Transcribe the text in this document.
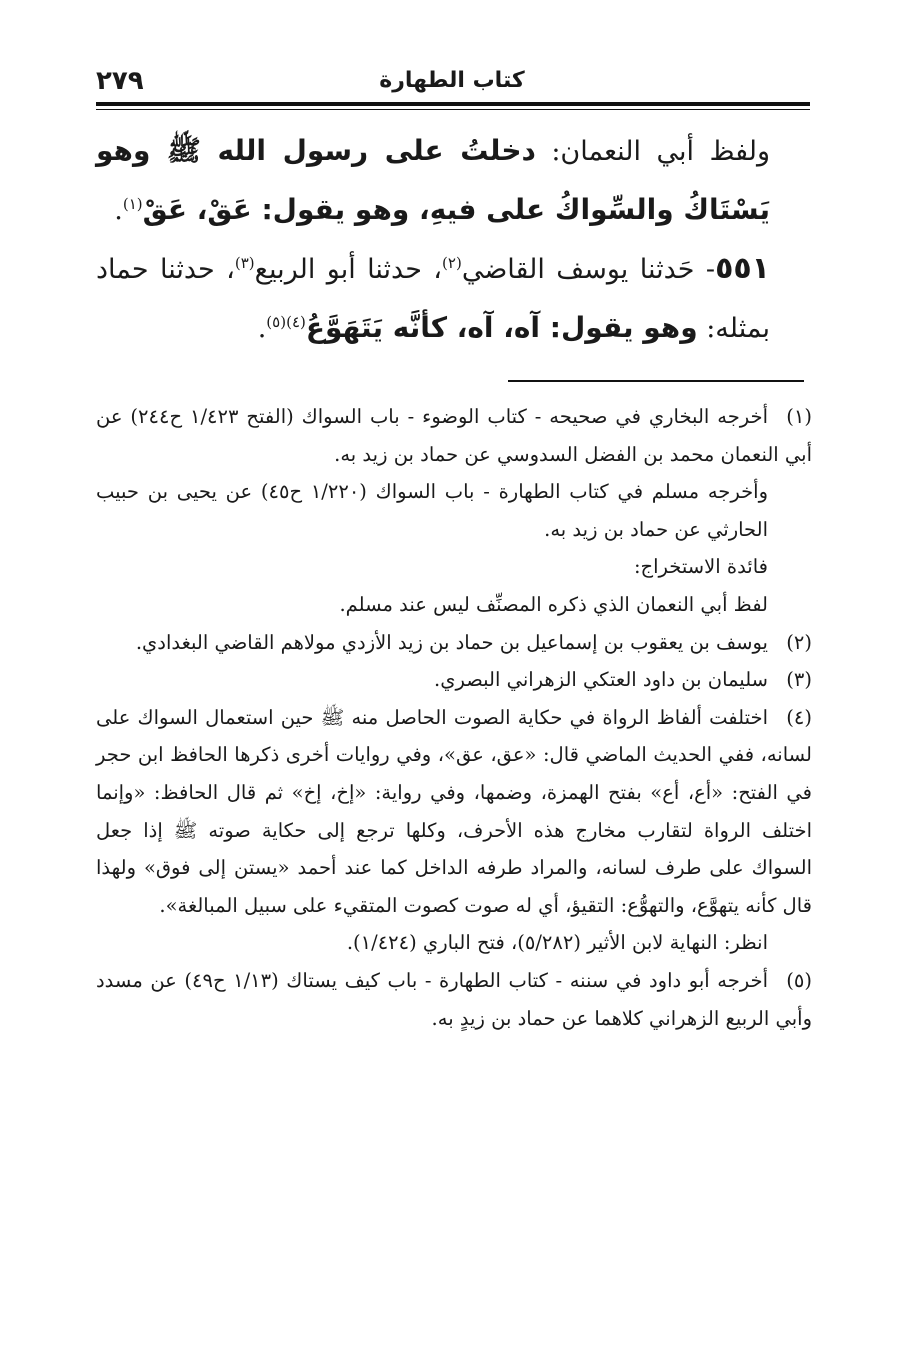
٢٧٩	كتاب الطهارة

ولفظ أبي النعمان: دخلتُ على رسول الله ﷺ وهو يَسْتَاكُ والسِّواكُ على فيهِ، وهو يقول: عَقْ، عَقْ$^{(١)}$.

٥٥١- حَدثنا يوسف القاضي$^{(٢)}$، حدثنا أبو الربيع$^{(٣)}$، حدثنا حماد بمثله: وهو يقول: آه، آه، كأنَّه يَتَهَوَّعُ$^{(٤)(٥)}$.

(١)أخرجه البخاري في صحيحه - كتاب الوضوء - باب السواك (الفتح ١/٤٢٣ ح٢٤٤) عن أبي النعمان محمد بن الفضل السدوسي عن حماد بن زيد به.
وأخرجه مسلم في كتاب الطهارة - باب السواك (١/٢٢٠ ح٤٥) عن يحيى بن حبيب الحارثي عن حماد بن زيد به.
فائدة الاستخراج:
لفظ أبي النعمان الذي ذكره المصنِّف ليس عند مسلم.
(٢)يوسف بن يعقوب بن إسماعيل بن حماد بن زيد الأزدي مولاهم القاضي البغدادي.
(٣)سليمان بن داود العتكي الزهراني البصري.
(٤)اختلفت ألفاظ الرواة في حكاية الصوت الحاصل منه ﷺ حين استعمال السواك على لسانه، ففي الحديث الماضي قال: «عق، عق»، وفي روايات أخرى ذكرها الحافظ ابن حجر في الفتح: «أع، أع» بفتح الهمزة، وضمها، وفي رواية: «إخ، إخ» ثم قال الحافظ: «وإنما اختلف الرواة لتقارب مخارج هذه الأحرف، وكلها ترجع إلى حكاية صوته ﷺ إذا جعل السواك على طرف لسانه، والمراد طرفه الداخل كما عند أحمد «يستن إلى فوق» ولهذا قال كأنه يتهوَّع، والتهوُّع: التقيؤ، أي له صوت كصوت المتقيء على سبيل المبالغة».
انظر: النهاية لابن الأثير (٥/٢٨٢)، فتح الباري (١/٤٢٤).
(٥)أخرجه أبو داود في سننه - كتاب الطهارة - باب كيف يستاك (١/١٣ ح٤٩) عن مسدد وأبي الربيع الزهراني كلاهما عن حماد بن زيدٍ به.
